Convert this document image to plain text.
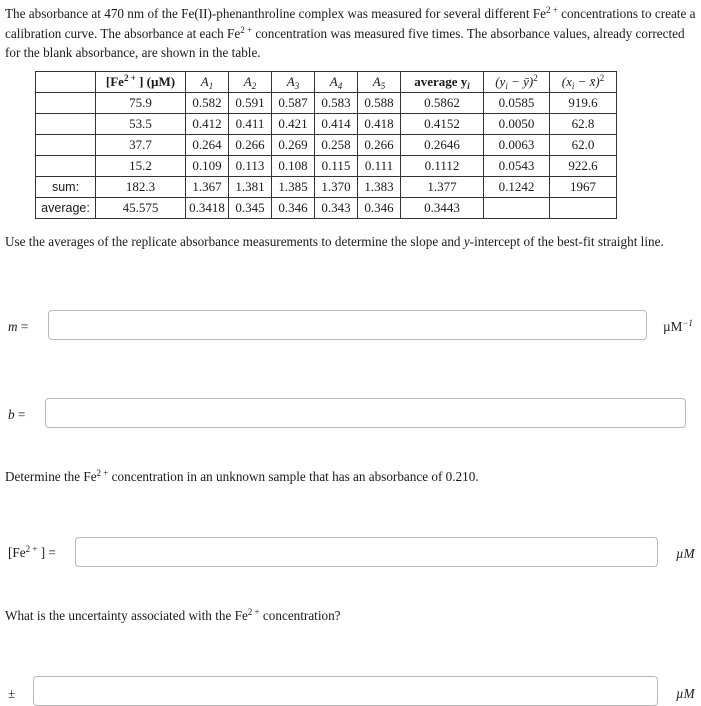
The absorbance at 470 nm of the Fe(II)-phenanthroline complex was measured for several different $Fe^{2 +}$ concentrations to create a calibration curve. The absorbance at each $Fe^{2 +}$ concentration was measured five times. The absorbance values, already corrected for the blank absorbance, are shown in the table.
	[$Fe^{2 +}$ ] (µM)	$A_1$	$A_2$	$A_3$	$A_4$	$A_5$	average $y_i$	($y_i$ − ȳ)$^2$	($x_i$ − x̄)$^2$
	75.9	0.582	0.591	0.587	0.583	0.588	0.5862	0.0585	919.6
	53.5	0.412	0.411	0.421	0.414	0.418	0.4152	0.0050	62.8
	37.7	0.264	0.266	0.269	0.258	0.266	0.2646	0.0063	62.0
	15.2	0.109	0.113	0.108	0.115	0.111	0.1112	0.0543	922.6
sum:	182.3	1.367	1.381	1.385	1.370	1.383	1.377	0.1242	1967
average:	45.575	0.3418	0.345	0.346	0.343	0.346	0.3443		
Use the averages of the replicate absorbance measurements to determine the slope and y-intercept of the best-fit straight line.
m =	µM$^{-1}$
b =
Determine the $Fe^{2 +}$ concentration in an unknown sample that has an absorbance of 0.210.
[$Fe^{2 +}$ ] =	µM
What is the uncertainty associated with the $Fe^{2 +}$ concentration?
±	µM
